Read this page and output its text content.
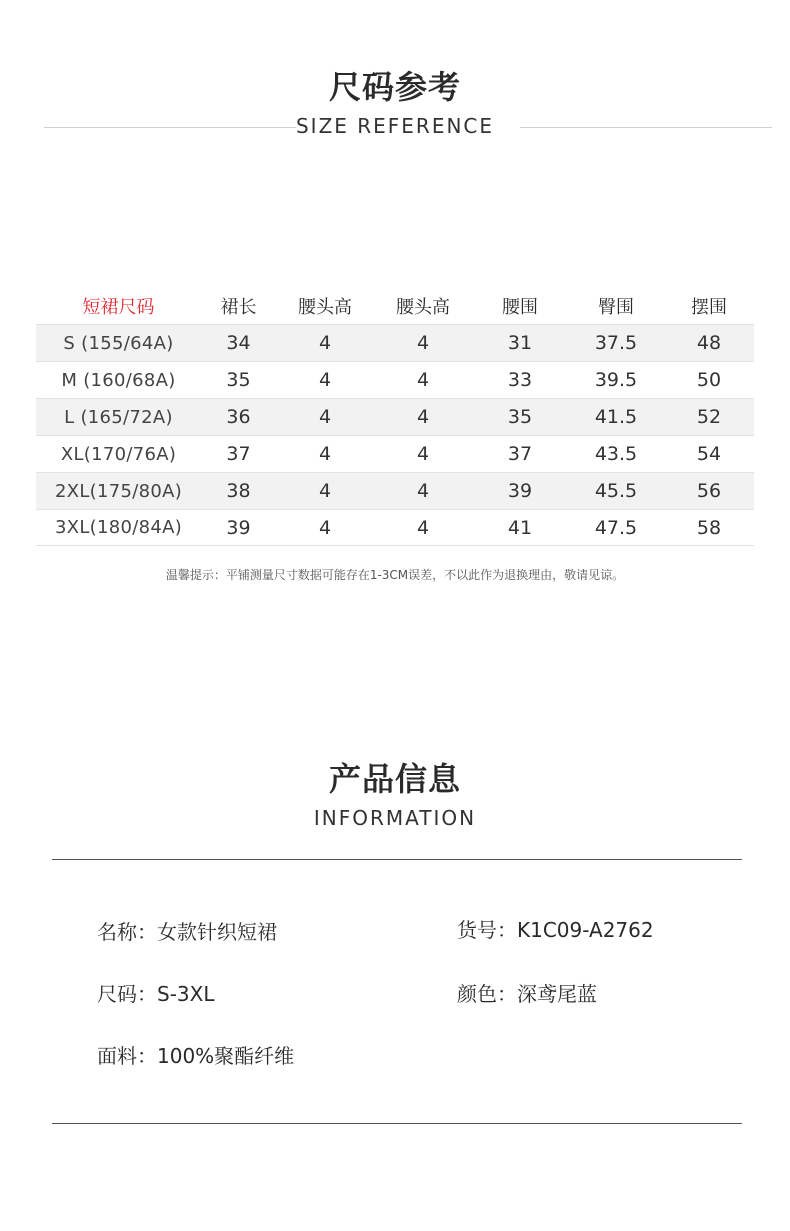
尺码参考
SIZE REFERENCE
短裙尺码	裙长	腰头高	腰头高	腰围	臀围	摆围
S (155/64A)	34	4	4	31	37.5	48
M (160/68A)	35	4	4	33	39.5	50
L (165/72A)	36	4	4	35	41.5	52
XL(170/76A)	37	4	4	37	43.5	54
2XL(175/80A)	38	4	4	39	45.5	56
3XL(180/84A)	39	4	4	41	47.5	58
温馨提示：平铺测量尺寸数据可能存在1-3CM误差，不以此作为退换理由，敬请见谅。
产品信息
INFORMATION
名称：女款针织短裙	货号：K1C09-A2762
尺码：S-3XL	颜色：深鸢尾蓝
面料：100%聚酯纤维
